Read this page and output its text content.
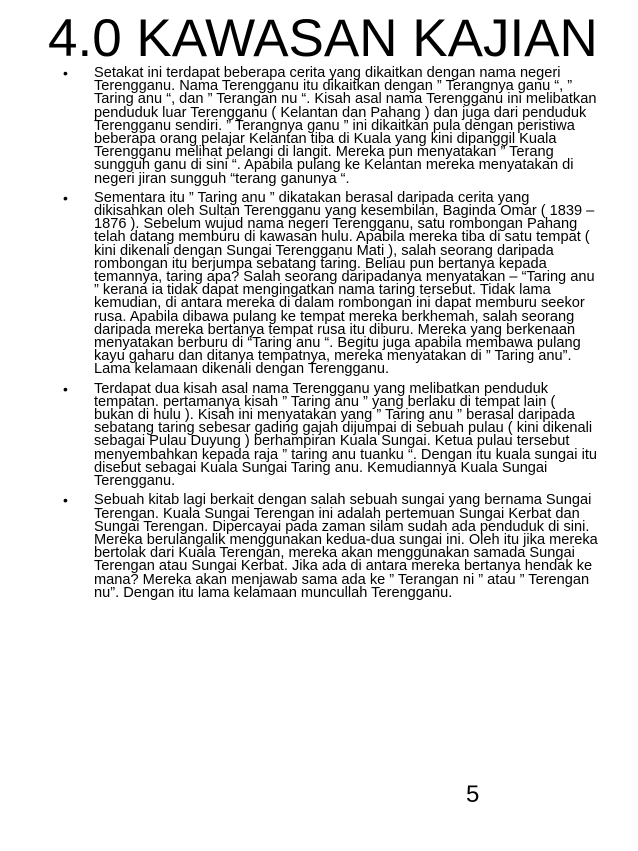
4.0 KAWASAN KAJIAN
• Setakat ini terdapat beberapa cerita yang dikaitkan dengan nama negeri Terengganu. Nama Terengganu itu dikaitkan dengan ” Terangnya ganu “, ” Taring anu “, dan ” Terangan nu “. Kisah asal nama Terengganu ini melibatkan penduduk luar Terengganu ( Kelantan dan Pahang ) dan juga dari penduduk Terengganu sendiri. ” Terangnya ganu ” ini dikaitkan pula dengan peristiwa beberapa orang pelajar Kelantan tiba di Kuala yang kini dipanggil Kuala Terengganu melihat pelangi di langit. Mereka pun menyatakan ” Terang sungguh ganu di sini “. Apabila pulang ke Kelantan mereka menyatakan di negeri jiran sungguh “terang ganunya “.
• Sementara itu ” Taring anu ” dikatakan berasal daripada cerita yang dikisahkan oleh Sultan Terengganu yang kesembilan, Baginda Omar ( 1839 – 1876 ). Sebelum wujud nama negeri Terengganu, satu rombongan Pahang telah datang memburu di kawasan hulu. Apabila mereka tiba di satu tempat ( kini dikenali dengan Sungai Terengganu Mati ), salah seorang daripada rombongan itu berjumpa sebatang taring. Beliau pun bertanya kepada temannya, taring apa? Salah seorang daripadanya menyatakan – “Taring anu ” kerana ia tidak dapat mengingatkan nama taring tersebut. Tidak lama kemudian, di antara mereka di dalam rombongan ini dapat memburu seekor rusa. Apabila dibawa pulang ke tempat mereka berkhemah, salah seorang daripada mereka bertanya tempat rusa itu diburu. Mereka yang berkenaan menyatakan berburu di “Taring anu “. Begitu juga apabila membawa pulang kayu gaharu dan ditanya tempatnya, mereka menyatakan di ” Taring anu”. Lama kelamaan dikenali dengan Terengganu.
• Terdapat dua kisah asal nama Terengganu yang melibatkan penduduk tempatan. pertamanya kisah ” Taring anu ” yang berlaku di tempat lain ( bukan di hulu ). Kisah ini menyatakan yang ” Taring anu ” berasal daripada sebatang taring sebesar gading gajah dijumpai di sebuah pulau ( kini dikenali sebagai Pulau Duyung ) berhampiran Kuala Sungai. Ketua pulau tersebut menyembahkan kepada raja ” taring anu tuanku “. Dengan itu kuala sungai itu disebut sebagai Kuala Sungai Taring anu. Kemudiannya Kuala Sungai Terengganu.
• Sebuah kitab lagi berkait dengan salah sebuah sungai yang bernama Sungai Terengan. Kuala Sungai Terengan ini adalah pertemuan Sungai Kerbat dan Sungai Terengan. Dipercayai pada zaman silam sudah ada penduduk di sini. Mereka berulangalik menggunakan kedua-dua sungai ini. Oleh itu jika mereka bertolak dari Kuala Terengan, mereka akan menggunakan samada Sungai Terengan atau Sungai Kerbat. Jika ada di antara mereka bertanya hendak ke mana? Mereka akan menjawab sama ada ke ” Terangan ni ” atau ” Terengan nu”. Dengan itu lama kelamaan muncullah Terengganu.
5
